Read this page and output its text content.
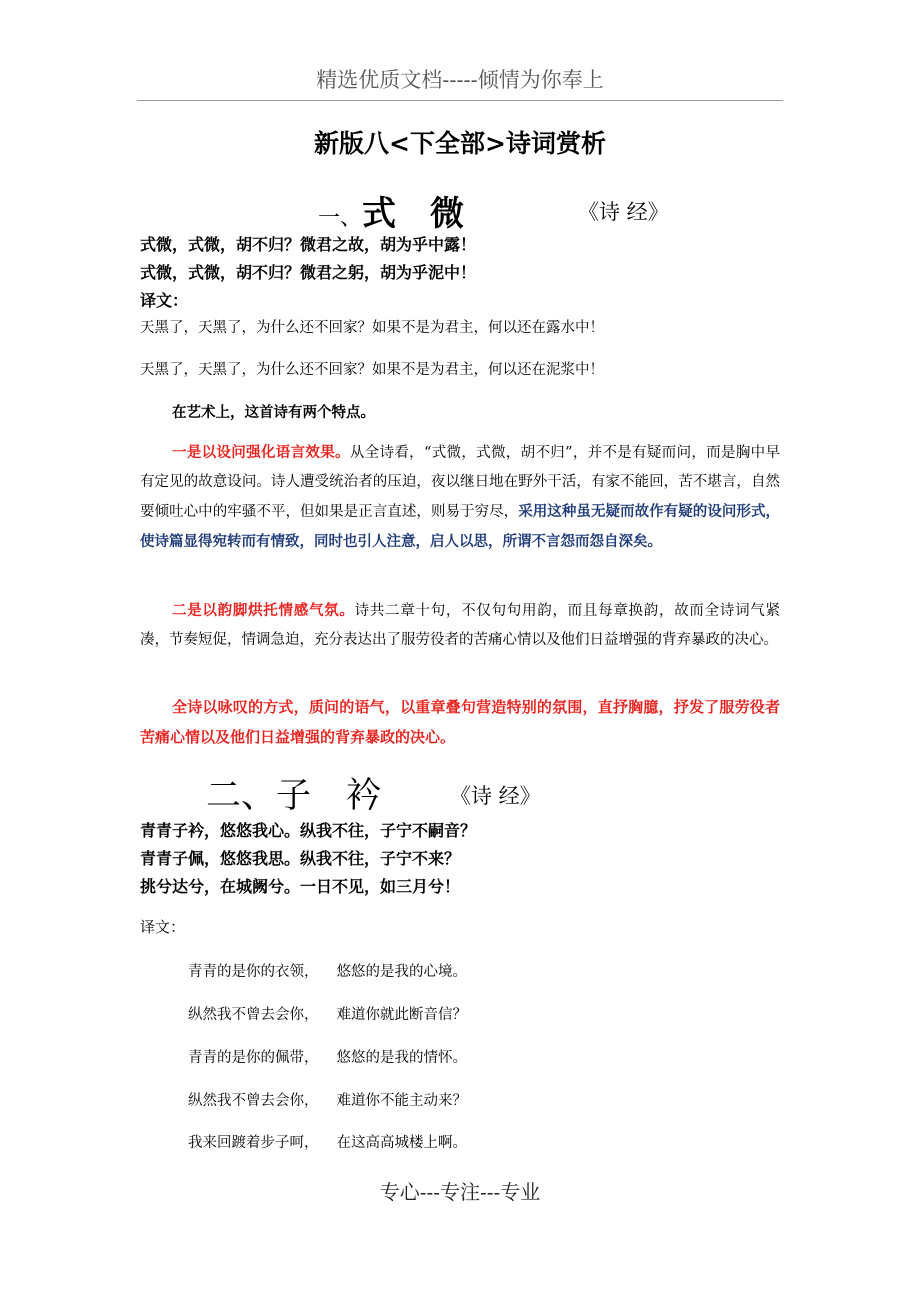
精选优质文档-----倾情为你奉上
新版八<下全部>诗词赏析
一、式　微	《诗 经》
式微，式微，胡不归？微君之故，胡为乎中露！
式微，式微，胡不归？微君之躬，胡为乎泥中！
译文：
天黑了，天黑了，为什么还不回家？如果不是为君主，何以还在露水中！
天黑了，天黑了，为什么还不回家？如果不是为君主，何以还在泥浆中！
在艺术上，这首诗有两个特点。
一是以设问强化语言效果。从全诗看，“式微，式微，胡不归”，并不是有疑而问，而是胸中早有定见的故意设问。诗人遭受统治者的压迫，夜以继日地在野外干活，有家不能回，苦不堪言，自然要倾吐心中的牢骚不平，但如果是正言直述，则易于穷尽，采用这种虽无疑而故作有疑的设问形式，使诗篇显得宛转而有情致，同时也引人注意，启人以思，所谓不言怨而怨自深矣。
二是以韵脚烘托情感气氛。诗共二章十句，不仅句句用韵，而且每章换韵，故而全诗词气紧凑，节奏短促，情调急迫，充分表达出了服劳役者的苦痛心情以及他们日益增强的背弃暴政的决心。
全诗以咏叹的方式，质问的语气，以重章叠句营造特别的氛围，直抒胸臆，抒发了服劳役者苦痛心情以及他们日益增强的背弃暴政的决心。
二、子　衿	《诗 经》
青青子衿，悠悠我心。纵我不往，子宁不嗣音？
青青子佩，悠悠我思。纵我不往，子宁不来？
挑兮达兮，在城阙兮。一日不见，如三月兮！
译文：
青青的是你的衣领， 悠悠的是我的心境。
纵然我不曾去会你， 难道你就此断音信？
青青的是你的佩带， 悠悠的是我的情怀。
纵然我不曾去会你， 难道你不能主动来？
我来回踱着步子呵， 在这高高城楼上啊。
专心---专注---专业
